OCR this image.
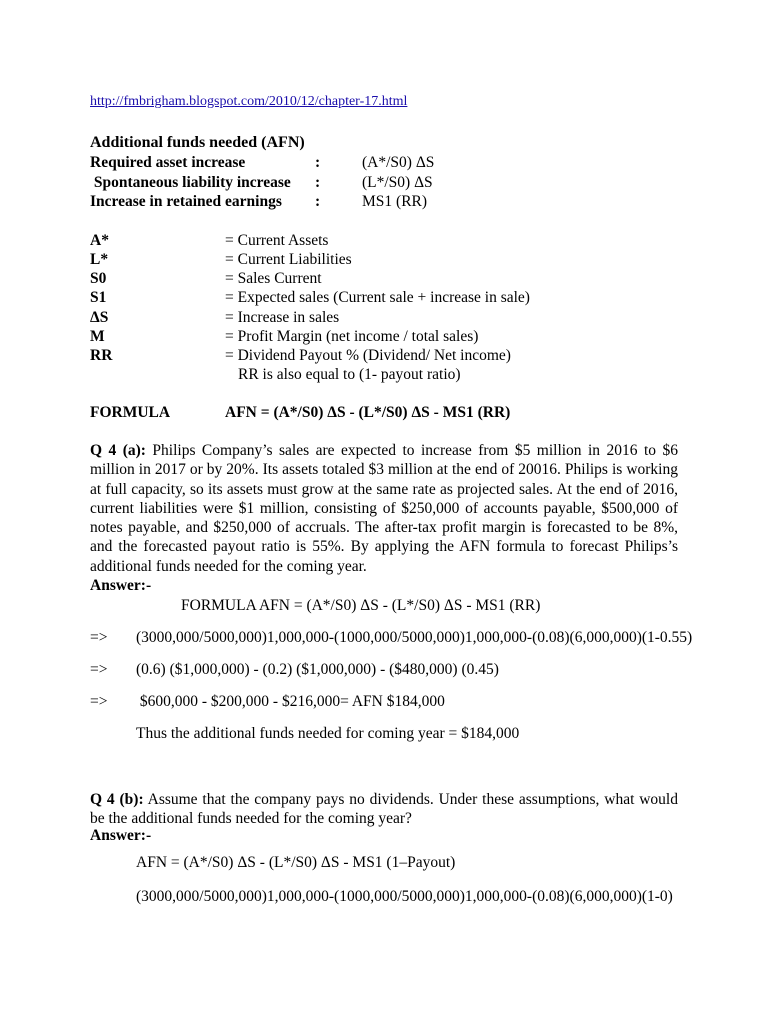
http://fmbrigham.blogspot.com/2010/12/chapter-17.html
Additional funds needed (AFN)
Required asset increase	:	(A*/S0) ΔS
Spontaneous liability increase :	(L*/S0) ΔS
Increase in retained earnings :	MS1 (RR)
A*	= Current Assets
L*	= Current Liabilities
S0	= Sales Current
S1	= Expected sales (Current sale + increase in sale)
ΔS	= Increase in sales
M	= Profit Margin (net income / total sales)
RR	= Dividend Payout % (Dividend/ Net income)
RR is also equal to (1- payout ratio)
FORMULA	AFN = (A*/S0) ΔS - (L*/S0) ΔS - MS1 (RR)
Q 4 (a): Philips Company’s sales are expected to increase from $5 million in 2016 to $6 million in 2017 or by 20%. Its assets totaled $3 million at the end of 20016. Philips is working at full capacity, so its assets must grow at the same rate as projected sales. At the end of 2016, current liabilities were $1 million, consisting of $250,000 of accounts payable, $500,000 of notes payable, and $250,000 of accruals. The after-tax profit margin is forecasted to be 8%, and the forecasted payout ratio is 55%. By applying the AFN formula to forecast Philips’s additional funds needed for the coming year.
Answer:-
FORMULA AFN = (A*/S0) ΔS - (L*/S0) ΔS - MS1 (RR)
=> (3000,000/5000,000)1,000,000-(1000,000/5000,000)1,000,000-(0.08)(6,000,000)(1-0.55)
=> (0.6) ($1,000,000) - (0.2) ($1,000,000) - ($480,000) (0.45)
=> $600,000 - $200,000 - $216,000= AFN $184,000
Thus the additional funds needed for coming year = $184,000
Q 4 (b): Assume that the company pays no dividends. Under these assumptions, what would be the additional funds needed for the coming year?
Answer:-
AFN = (A*/S0) ΔS - (L*/S0) ΔS - MS1 (1–Payout)
(3000,000/5000,000)1,000,000-(1000,000/5000,000)1,000,000-(0.08)(6,000,000)(1-0)
